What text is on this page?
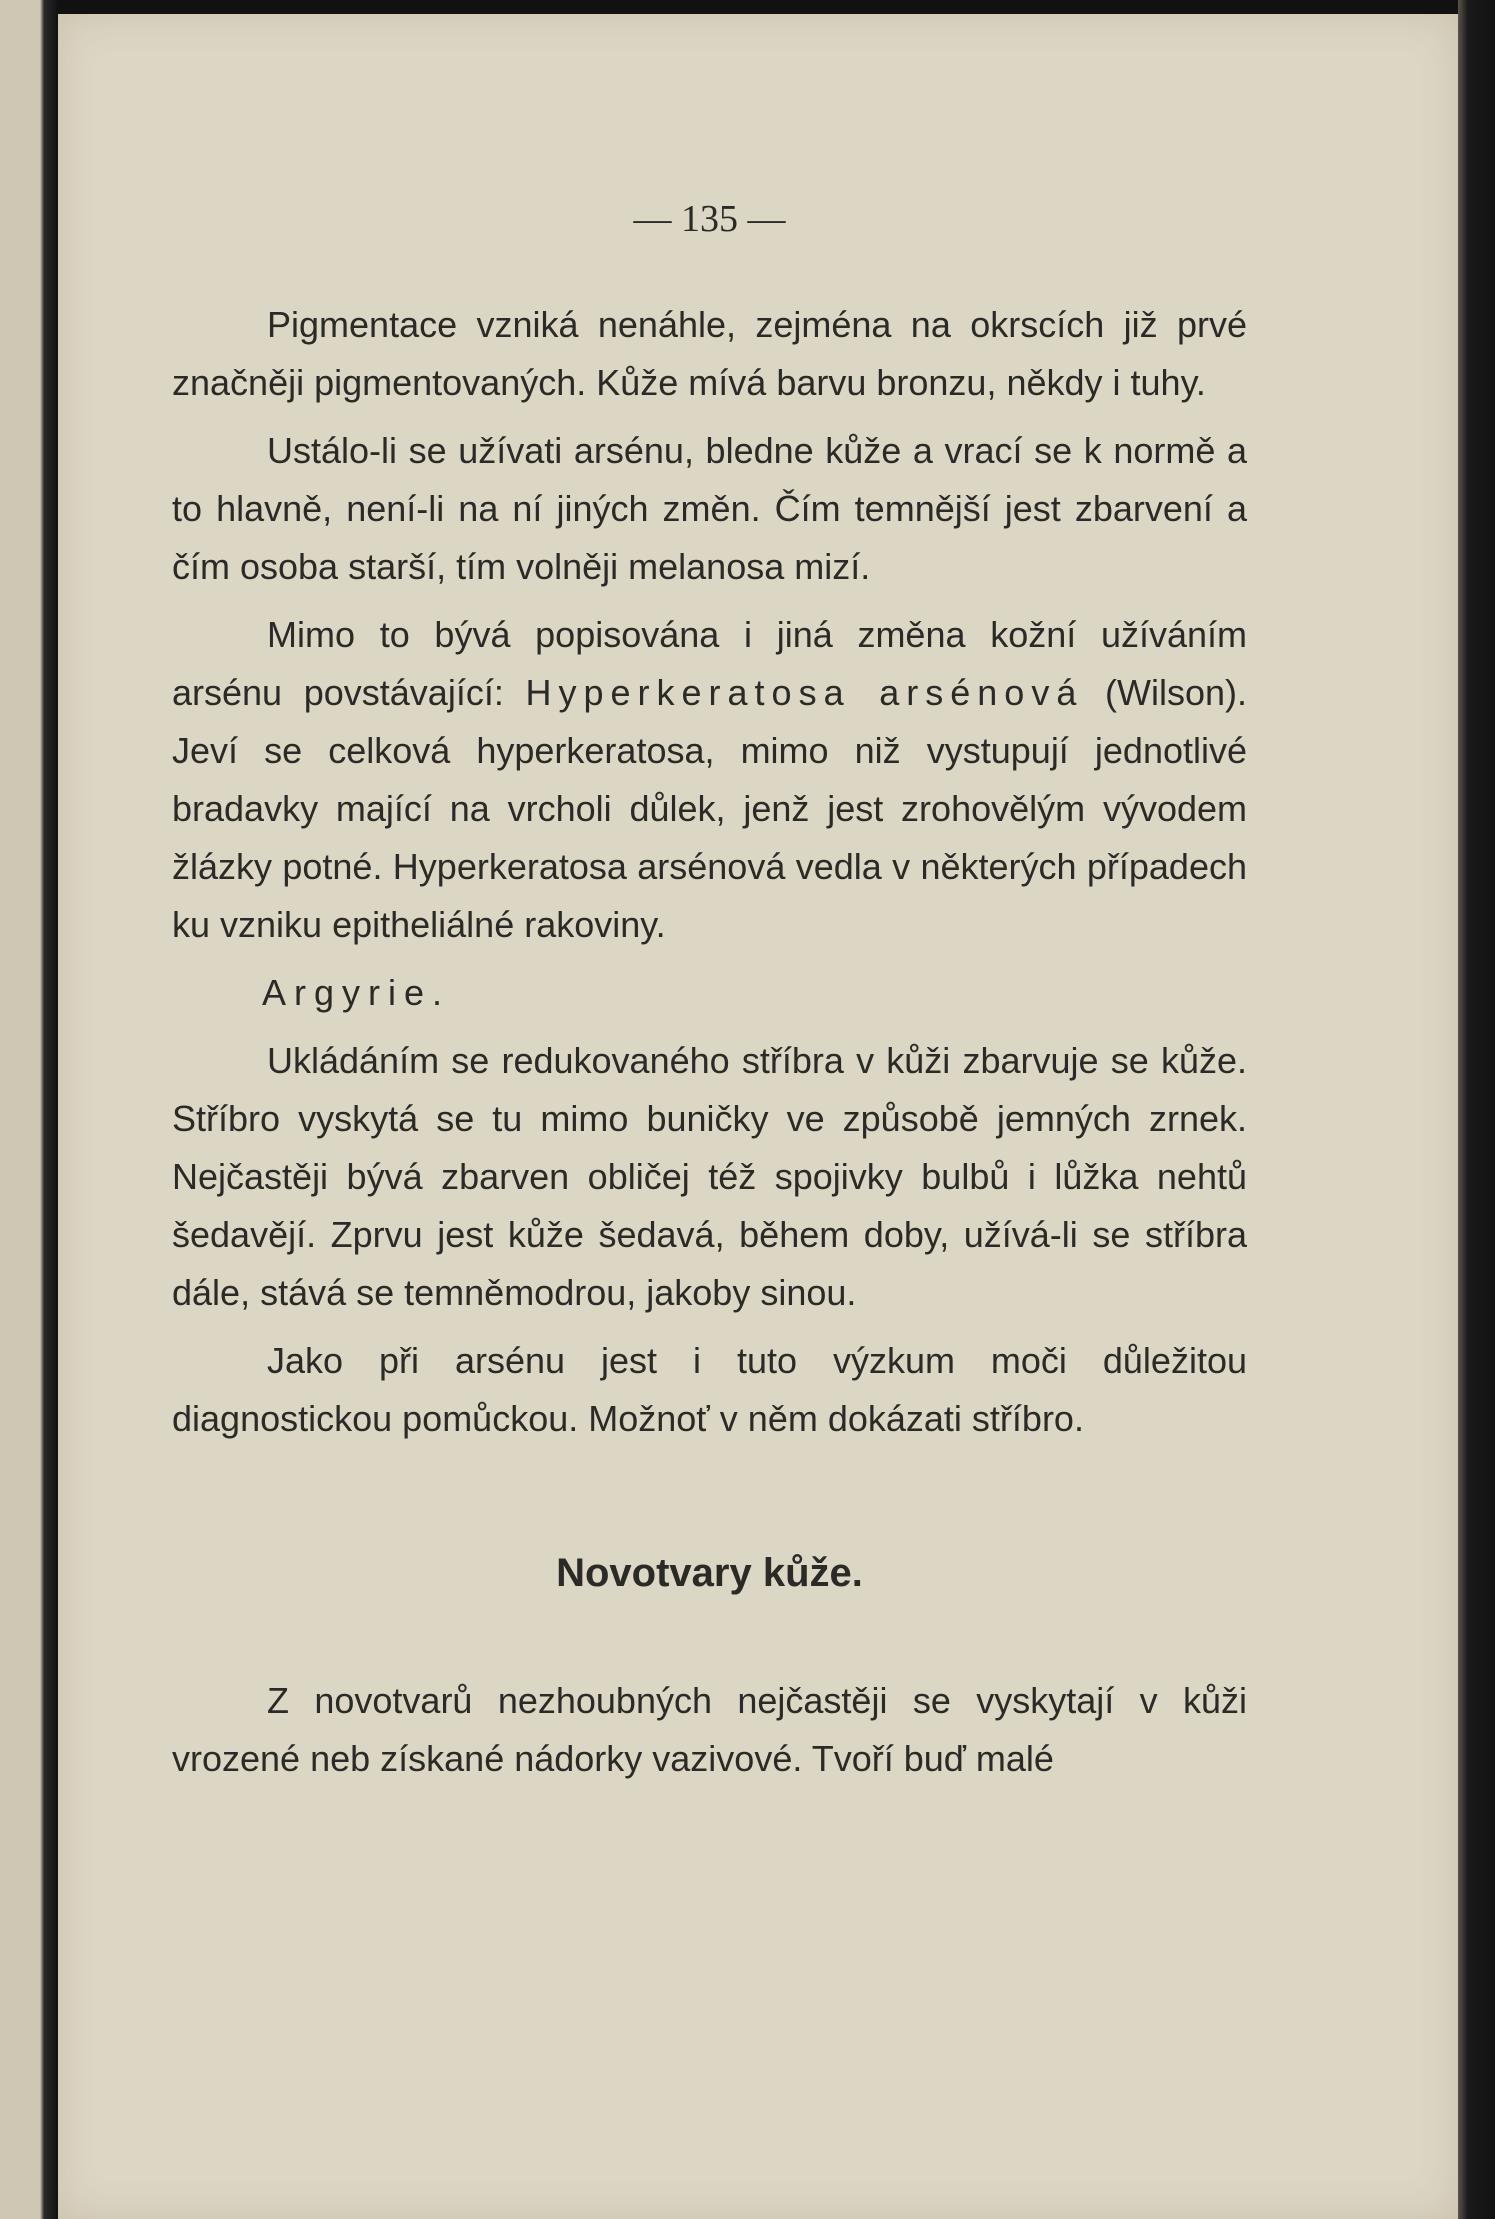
— 135 —

Pigmentace vzniká nenáhle, zejména na okrscích již prvé značněji pigmentovaných. Kůže mívá barvu bronzu, někdy i tuhy.

Ustálo-li se užívati arsénu, bledne kůže a vrací se k normě a to hlavně, není-li na ní jiných změn. Čím temnější jest zbarvení a čím osoba starší, tím volněji melanosa mizí.

Mimo to bývá popisována i jiná změna kožní užíváním arsénu povstávající: Hyperkeratosa arsénová (Wilson). Jeví se celková hyperkeratosa, mimo niž vystupují jednotlivé bradavky mající na vrcholi důlek, jenž jest zrohovělým vývodem žlázky potné. Hyperkeratosa arsénová vedla v některých případech ku vzniku epitheliálné rakoviny.

Argyrie.

Ukládáním se redukovaného stříbra v kůži zbarvuje se kůže. Stříbro vyskytá se tu mimo buničky ve způsobě jemných zrnek. Nejčastěji bývá zbarven obličej též spojivky bulbů i lůžka nehtů šedavějí. Zprvu jest kůže šedavá, během doby, užívá-li se stříbra dále, stává se temněmodrou, jakoby sinou.

Jako při arsénu jest i tuto výzkum moči důležitou diagnostickou pomůckou. Možnoť v něm dokázati stříbro.

Novotvary kůže.

Z novotvarů nezhoubných nejčastěji se vyskytají v kůži vrozené neb získané nádorky vazivové. Tvoří buď malé
